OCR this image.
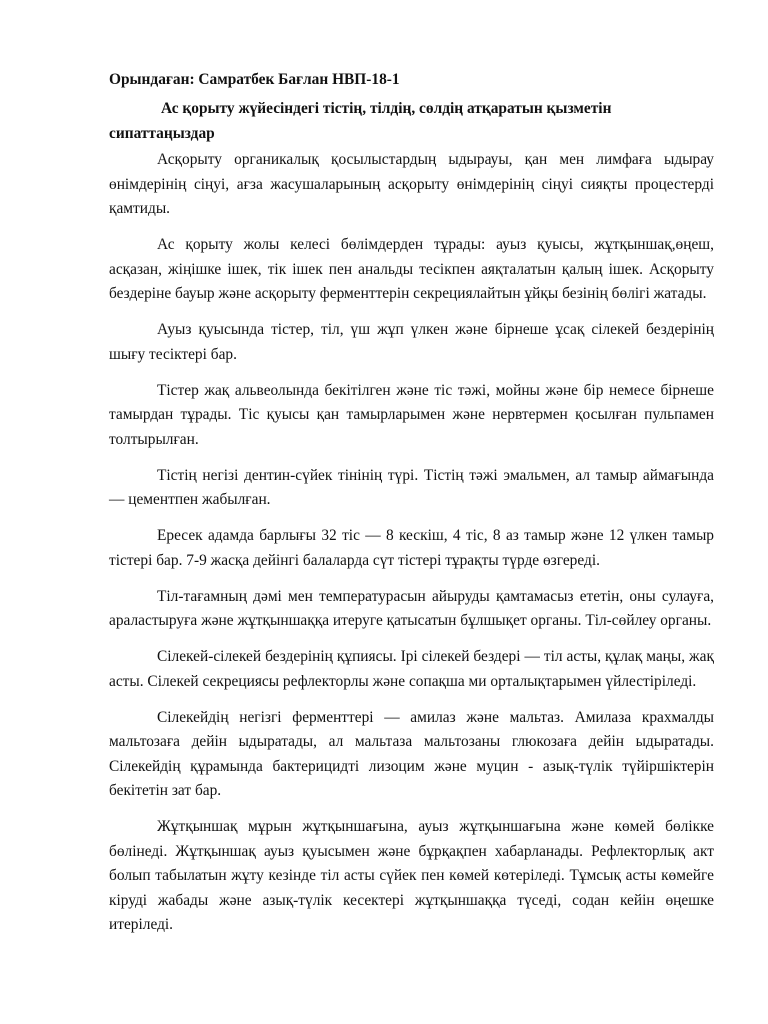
Орындаған: Самратбек Бағлан НВП-18-1

Ас қорыту жүйесіндегі тістің, тілдің, сөлдің атқаратын қызметін сипаттаңыздар

Асқорыту органикалық қосылыстардың ыдырауы, қан мен лимфаға ыдырау өнімдерінің сіңуі, ағза жасушаларының асқорыту өнімдерінің сіңуі сияқты процестерді қамтиды.

Ас қорыту жолы келесі бөлімдерден тұрады: ауыз қуысы, жұтқыншақ,өңеш, асқазан, жіңішке ішек, тік ішек пен анальды тесікпен аяқталатын қалың ішек. Асқорыту бездеріне бауыр және асқорыту ферменттерін секрециялайтын ұйқы безінің бөлігі жатады.

Ауыз қуысында тістер, тіл, үш жұп үлкен және бірнеше ұсақ сілекей бездерінің шығу тесіктері бар.

Тістер жақ альвеолында бекітілген және тіс тәжі, мойны және бір немесе бірнеше тамырдан тұрады. Тіс қуысы қан тамырларымен және нервтермен қосылған пульпамен толтырылған.

Тістің негізі дентин-сүйек тінінің түрі. Тістің тәжі эмальмен, ал тамыр аймағында — цементпен жабылған.

Ересек адамда барлығы 32 тіс — 8 кескіш, 4 тіс, 8 аз тамыр және 12 үлкен тамыр тістері бар. 7-9 жасқа дейінгі балаларда сүт тістері тұрақты түрде өзгереді.

Тіл-тағамның дәмі мен температурасын айыруды қамтамасыз ететін, оны сулауға, араластыруға және жұтқыншаққа итеруге қатысатын бұлшықет органы. Тіл-сөйлеу органы.

Сілекей-сілекей бездерінің құпиясы. Ірі сілекей бездері — тіл асты, құлақ маңы, жақ асты. Сілекей секрециясы рефлекторлы және сопақша ми орталықтарымен үйлестіріледі.

Сілекейдің негізгі ферменттері — амилаз және мальтаз. Амилаза крахмалды мальтозаға дейін ыдыратады, ал мальтаза мальтозаны глюкозаға дейін ыдыратады. Сілекейдің құрамында бактерицидті лизоцим және муцин - азық-түлік түйіршіктерін бекітетін зат бар.

Жұтқыншақ мұрын жұтқыншағына, ауыз жұтқыншағына және көмей бөлікке бөлінеді. Жұтқыншақ ауыз қуысымен және бұрқақпен хабарланады. Рефлекторлық акт болып табылатын жұту кезінде тіл асты сүйек пен көмей көтеріледі. Тұмсық асты көмейге кіруді жабады және азық-түлік кесектері жұтқыншаққа түседі, содан кейін өңешке итеріледі.
